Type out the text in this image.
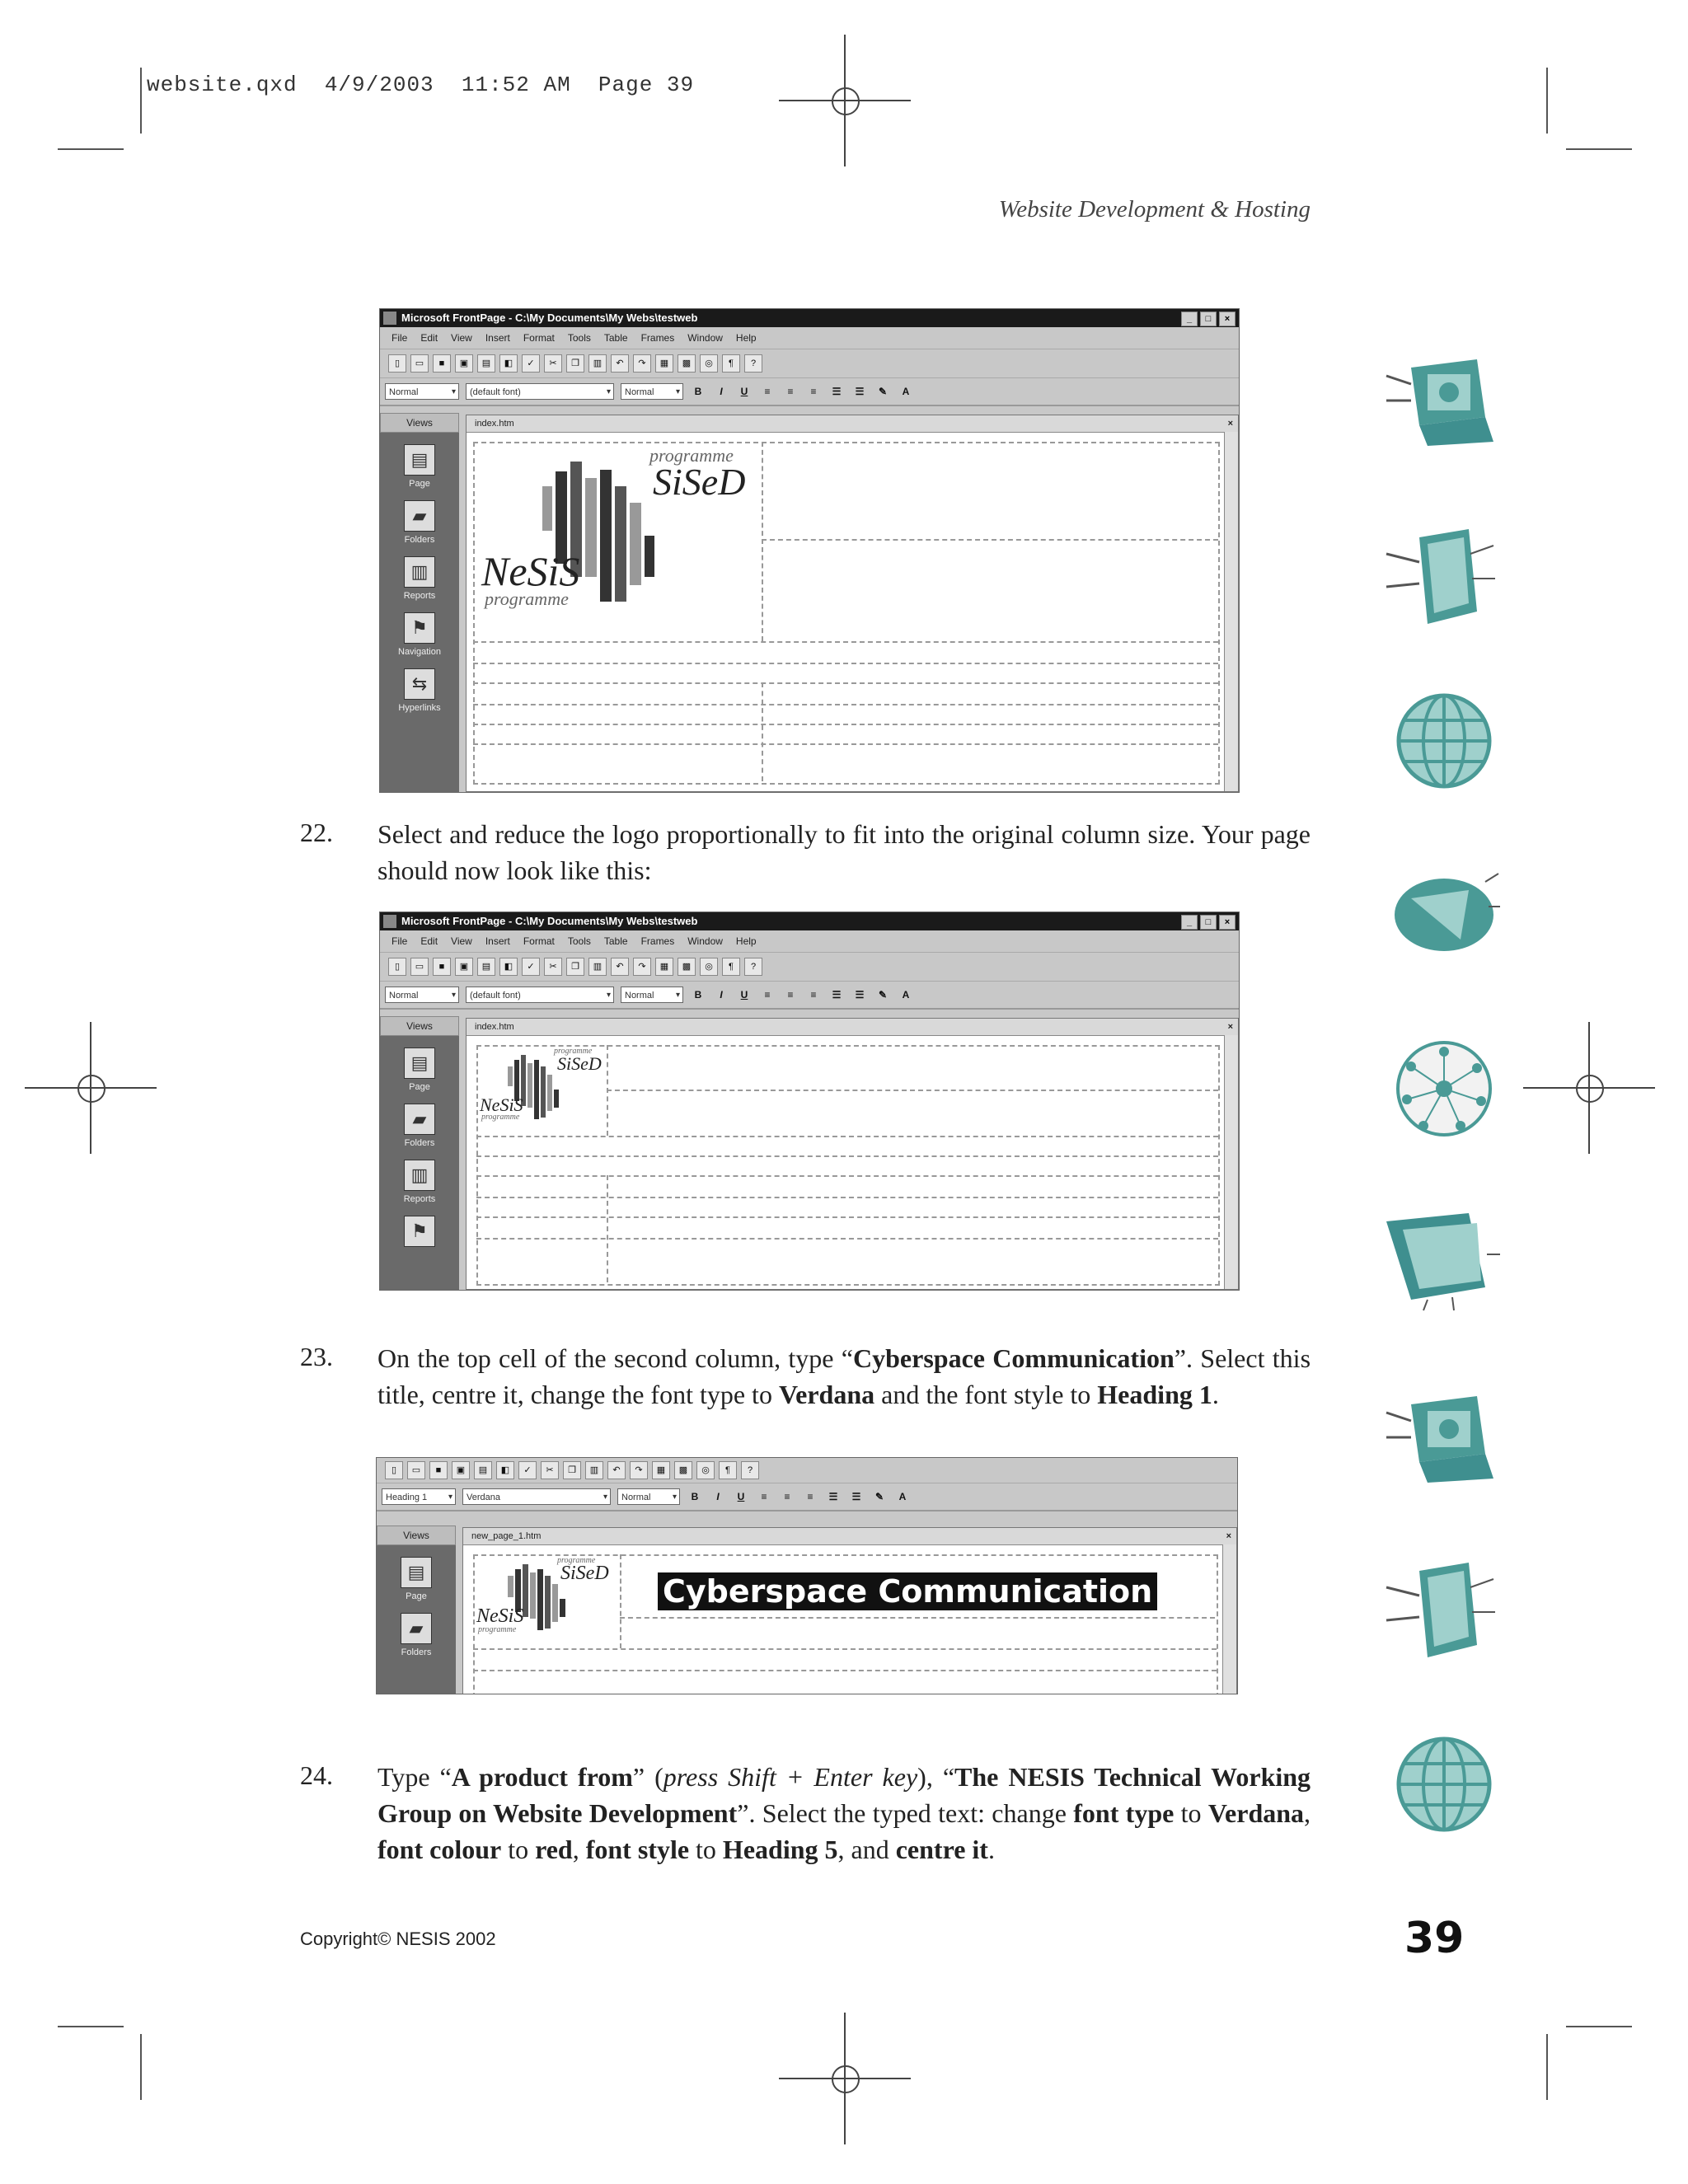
website.qxd  4/9/2003  11:52 AM  Page 39
Website Development & Hosting
Microsoft FrontPage - C:\My Documents\My Webs\testweb	_	□	×
File Edit View Insert Format Tools Table Frames Window Help
▯	▭	■	▣	▤	◧	✓	✂	❐	▥	↶	↷	▦	▩	◎	¶	?
Normal ▾	(default font) ▾	Normal ▾	B	I	U	≡	≡	≡	☰	☰	✎	A
Views
▤
Page
▰
Folders
▥
Reports
⚑
Navigation
⇆
Hyperlinks
index.htm	×
programme
SiSeD
NeSiS
programme
22. Select and reduce the logo proportionally to fit into the original column size. Your page should now look like this:
Microsoft FrontPage - C:\My Documents\My Webs\testweb	_	□	×
File Edit View Insert Format Tools Table Frames Window Help
▯	▭	■	▣	▤	◧	✓	✂	❐	▥	↶	↷	▦	▩	◎	¶	?
Normal ▾	(default font) ▾	Normal ▾	B	I	U	≡	≡	≡	☰	☰	✎	A
Views
▤
Page
▰
Folders
▥
Reports
⚑
index.htm	×
programme
SiSeD
NeSiS
programme
23. On the top cell of the second column, type “Cyberspace Communication”. Select this title, centre it, change the font type to Verdana and the font style to Heading 1.
▯	▭	■	▣	▤	◧	✓	✂	❐	▥	↶	↷	▦	▩	◎	¶	?
Heading 1 ▾	Verdana ▾	Normal ▾	B	I	U	≡	≡	≡	☰	☰	✎	A
Views
▤
Page
▰
Folders
new_page_1.htm	×
programme
SiSeD
NeSiS
programme
Cyberspace Communication
24. Type “A product from” (press Shift + Enter key), “The NESIS Technical Working Group on Website Development”. Select the typed text: change font type to Verdana, font colour to red, font style to Heading 5, and centre it.
Copyright© NESIS 2002	39
